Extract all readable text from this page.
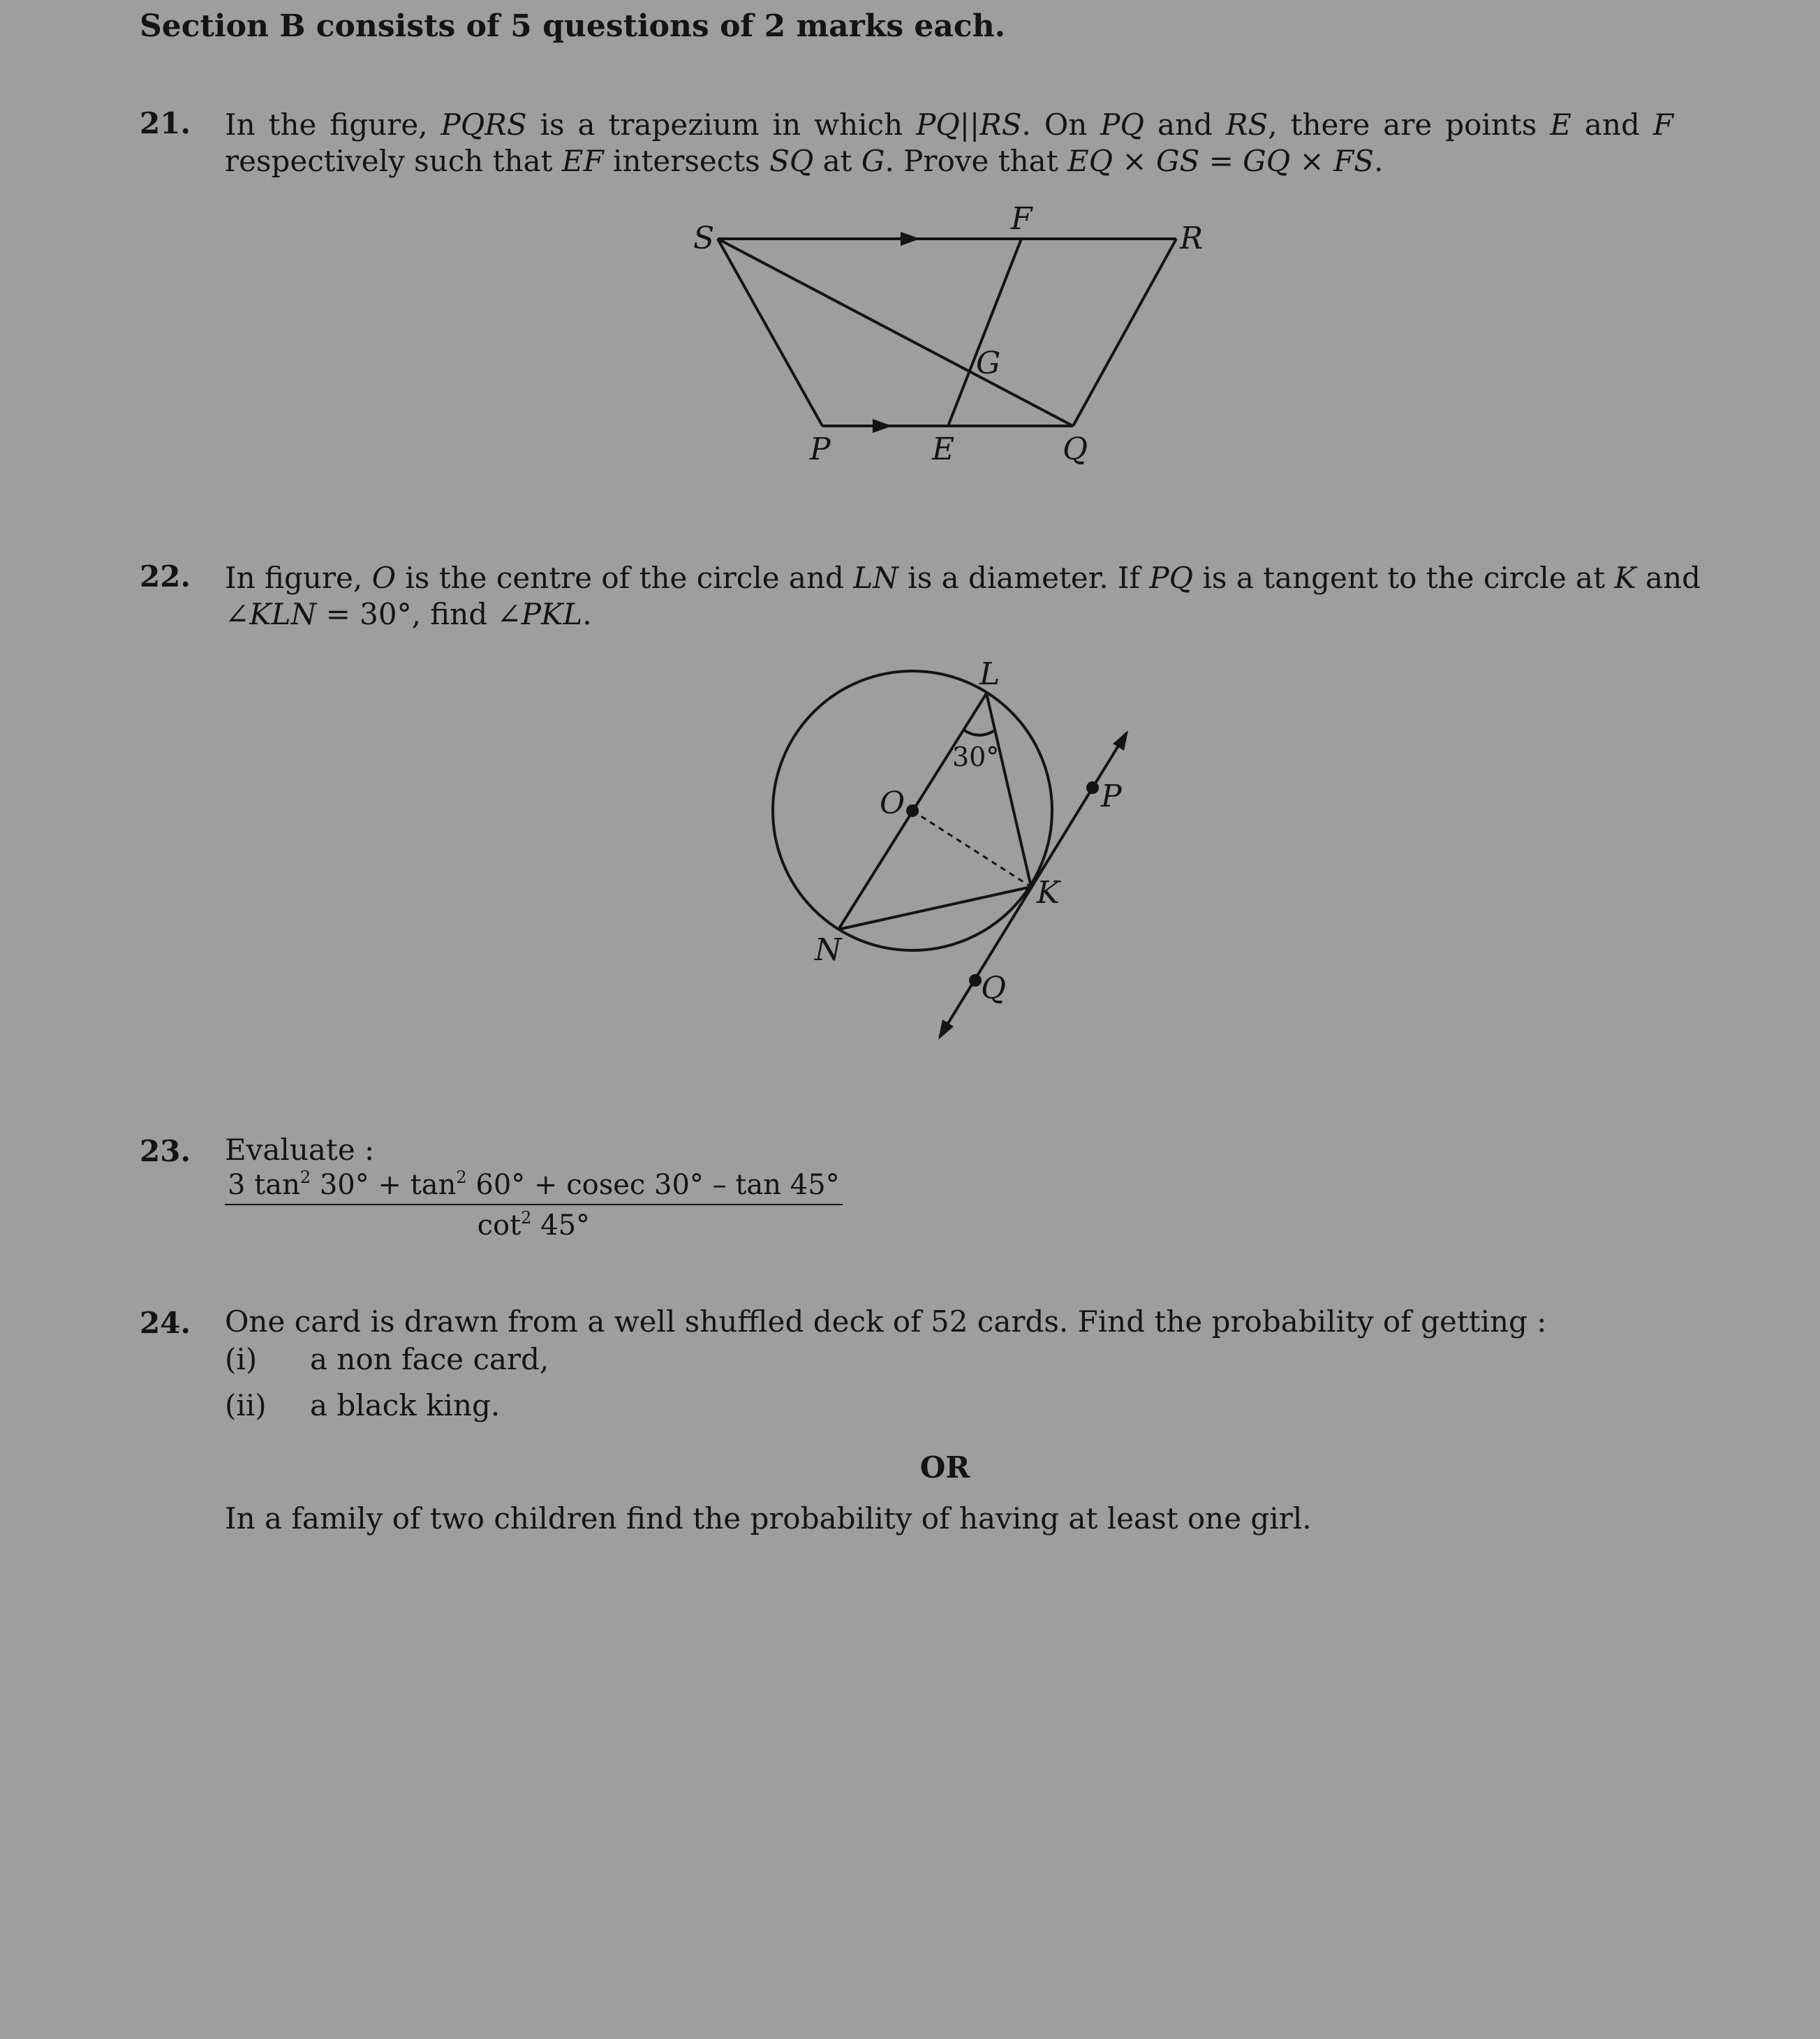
Section B consists of 5 questions of 2 marks each.
21. In the figure, PQRS is a trapezium in which PQ||RS. On PQ and RS, there are points E and F
respectively such that EF intersects SQ at G. Prove that EQ × GS = GQ × FS.
S
F
R
G
P	E	Q
L
O	P
K
N
Q
30°
22. In figure, O is the centre of the circle and LN is a diameter. If PQ is a tangent to the circle at K and
∠KLN = 30°, find ∠PKL.
23. Evaluate :
$\frac{3 \tan^2 30^\circ + \tan^2 60^\circ + cosec 30^\circ - \tan 45^\circ}{\cot^2 45^\circ}$
24. One card is drawn from a well shuffled deck of 52 cards. Find the probability of getting :
(i) a non face card,
(ii) a black king.
OR
In a family of two children find the probability of having at least one girl.
